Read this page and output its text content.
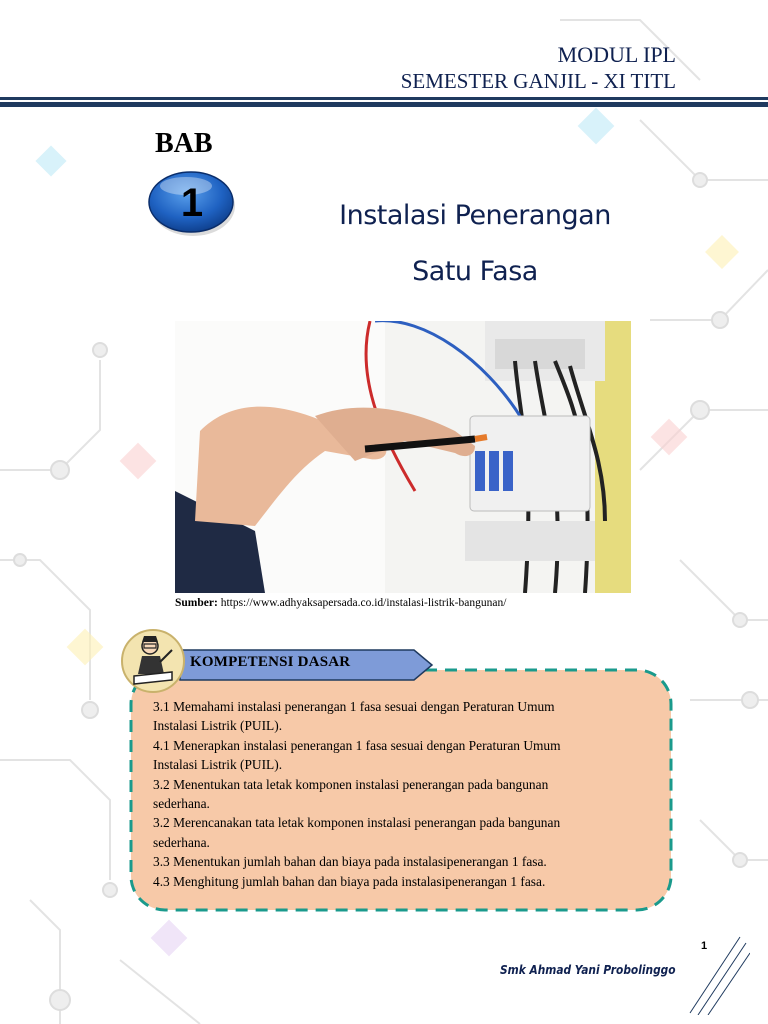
MODUL IPL
SEMESTER GANJIL - XI TITL
BAB
1	Instalasi Penerangan
Satu Fasa
Sumber: https://www.adhyaksapersada.co.id/instalasi-listrik-bangunan/
KOMPETENSI DASAR
3.1 Memahami instalasi penerangan 1 fasa sesuai dengan Peraturan Umum
Instalasi Listrik (PUIL).
4.1 Menerapkan instalasi penerangan 1 fasa sesuai dengan Peraturan Umum
Instalasi Listrik (PUIL).
3.2 Menentukan tata letak komponen instalasi penerangan pada bangunan
sederhana.
3.2 Merencanakan tata letak komponen instalasi penerangan pada bangunan
sederhana.
3.3 Menentukan jumlah bahan dan biaya pada instalasipenerangan 1 fasa.
4.3 Menghitung jumlah bahan dan biaya pada instalasipenerangan 1 fasa.
1
Smk Ahmad Yani Probolinggo
